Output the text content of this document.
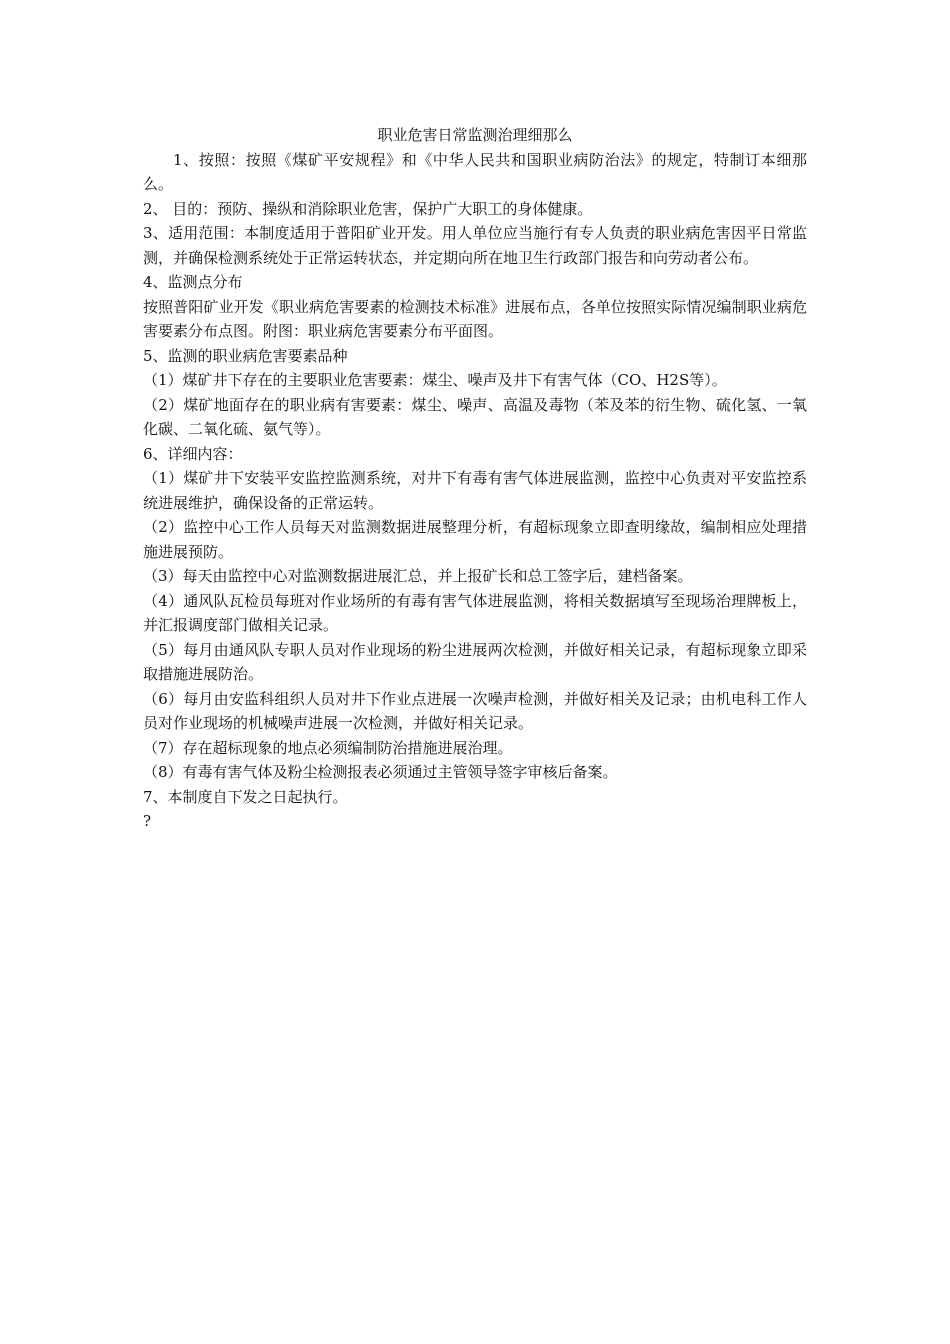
职业危害日常监测治理细那么

1、按照：按照《煤矿平安规程》和《中华人民共和国职业病防治法》的规定，特制订本细那么。

2、 目的：预防、操纵和消除职业危害，保护广大职工的身体健康。

3、适用范围：本制度适用于普阳矿业开发。用人单位应当施行有专人负责的职业病危害因平日常监测，并确保检测系统处于正常运转状态，并定期向所在地卫生行政部门报告和向劳动者公布。

4、监测点分布

按照普阳矿业开发《职业病危害要素的检测技术标准》进展布点，各单位按照实际情况编制职业病危害要素分布点图。附图：职业病危害要素分布平面图。

5、监测的职业病危害要素品种

（1）煤矿井下存在的主要职业危害要素：煤尘、噪声及井下有害气体（CO、H2S等）。

（2）煤矿地面存在的职业病有害要素：煤尘、噪声、高温及毒物（苯及苯的衍生物、硫化氢、一氧化碳、二氧化硫、氨气等）。

6、详细内容：

（1）煤矿井下安装平安监控监测系统，对井下有毒有害气体进展监测，监控中心负责对平安监控系统进展维护，确保设备的正常运转。

（2）监控中心工作人员每天对监测数据进展整理分析，有超标现象立即查明缘故，编制相应处理措施进展预防。

（3）每天由监控中心对监测数据进展汇总，并上报矿长和总工签字后，建档备案。

（4）通风队瓦检员每班对作业场所的有毒有害气体进展监测，将相关数据填写至现场治理牌板上，并汇报调度部门做相关记录。

（5）每月由通风队专职人员对作业现场的粉尘进展两次检测，并做好相关记录，有超标现象立即采取措施进展防治。

（6）每月由安监科组织人员对井下作业点进展一次噪声检测，并做好相关及记录；由机电科工作人员对作业现场的机械噪声进展一次检测，并做好相关记录。

（7）存在超标现象的地点必须编制防治措施进展治理。

（8）有毒有害气体及粉尘检测报表必须通过主管领导签字审核后备案。

7、本制度自下发之日起执行。

?
